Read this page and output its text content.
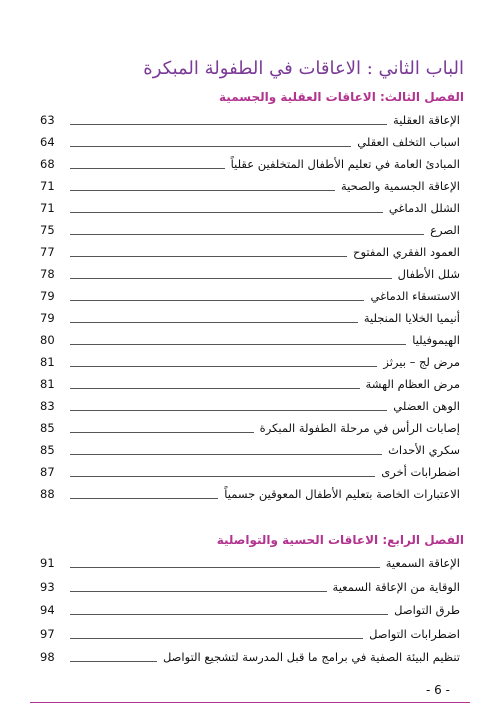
الباب الثاني : الاعاقات في الطفولة المبكرة
الفصل الثالث: الاعاقات العقلية والجسمية
63	الإعاقة العقلية
64	اسباب التخلف العقلي
68	المبادئ العامة في تعليم الأطفال المتخلفين عقلياً
71	الإعاقة الجسمية والصحية
71	الشلل الدماغي
75	الصرع
77	العمود الفقري المفتوح
78	شلل الأطفال
79	الاستسقاء الدماغي
79	أنيميا الخلايا المنجلية
80	الهيموفيليا
81	مرض لج – بيرثز
81	مرض العظام الهشة
83	الوهن العضلي
85	إصابات الرأس في مرحلة الطفولة المبكرة
85	سكري الأحداث
87	اضطرابات أخرى
88	الاعتبارات الخاصة بتعليم الأطفال المعوقين جسمياً
الفصل الرابع: الاعاقات الحسية والتواصلية
91	الإعاقة السمعية
93	الوقاية من الإعاقة السمعية
94	طرق التواصل
97	اضطرابات التواصل
98	تنظيم البيئة الصفية في برامج ما قبل المدرسة لتشجيع التواصل
- 6 -
